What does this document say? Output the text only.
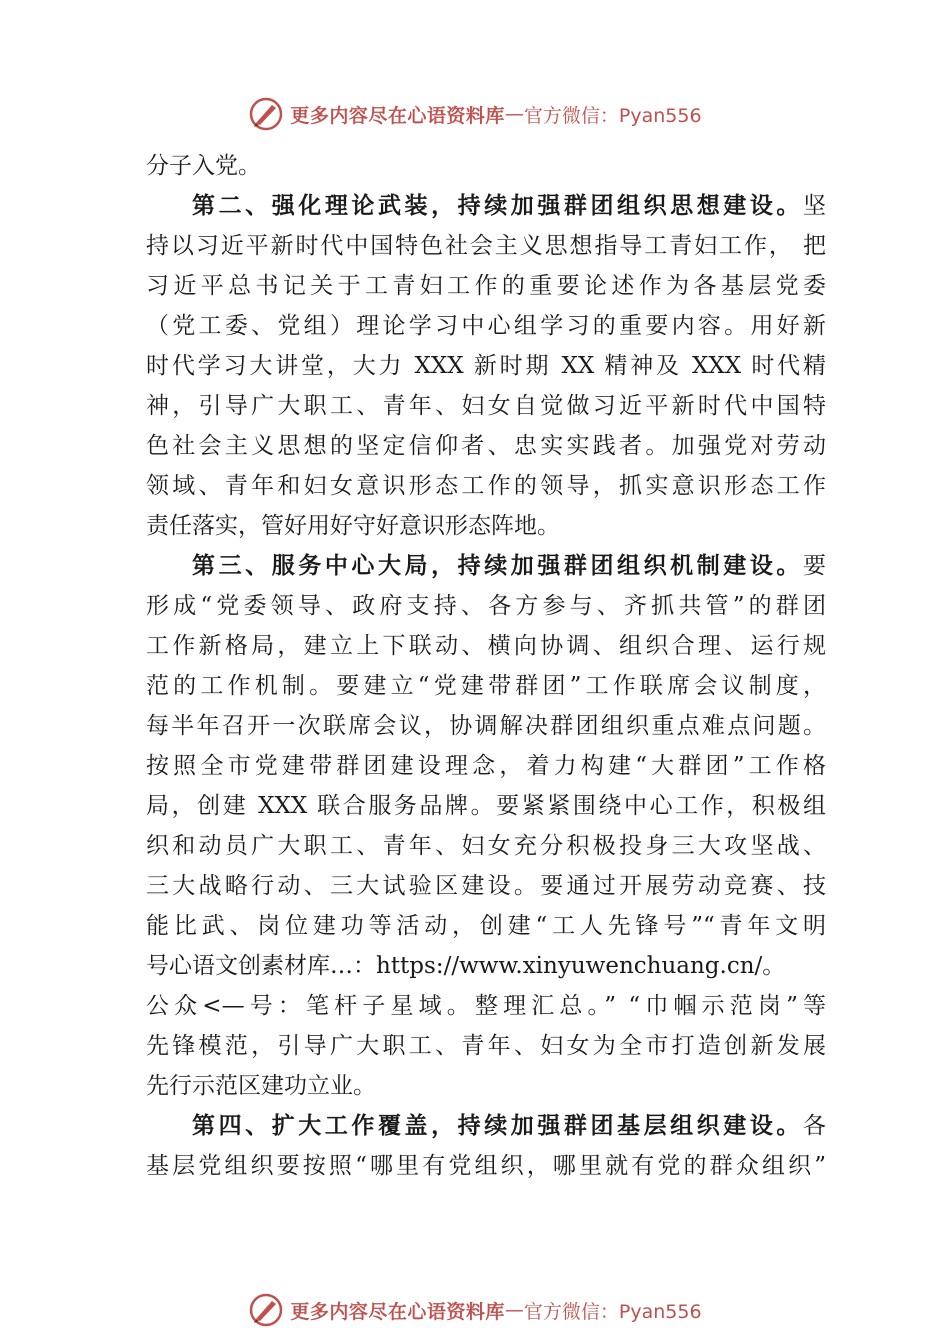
更多内容尽在心语资料库 — 官方微信：Pyan556
分子入党。
第二、强化理论武装，持续加强群团组织思想建设。坚
持以习近平新时代中国特色社会主义思想指导工青妇工作， 把
习近平总书记关于工青妇工作的重要论述作为各基层党委
（党工委、党组）理论学习中心组学习的重要内容。用好新
时代学习大讲堂，大力 XXX 新时期 XX 精神及 XXX 时代精
神，引导广大职工、青年、妇女自觉做习近平新时代中国特
色社会主义思想的坚定信仰者、忠实实践者。加强党对劳动
领域、青年和妇女意识形态工作的领导，抓实意识形态工作
责任落实，管好用好守好意识形态阵地。
第三、服务中心大局，持续加强群团组织机制建设。要
形成“党委领导、政府支持、各方参与、齐抓共管”的群团
工作新格局，建立上下联动、横向协调、组织合理、运行规
范的工作机制。要建立“党建带群团”工作联席会议制度，
每半年召开一次联席会议，协调解决群团组织重点难点问题。
按照全市党建带群团建设理念，着力构建“大群团”工作格
局，创建 XXX 联合服务品牌。要紧紧围绕中心工作，积极组
织和动员广大职工、青年、妇女充分积极投身三大攻坚战、
三大战略行动、三大试验区建设。要通过开展劳动竞赛、技
能比武、岗位建功等活动，创建“工人先锋号”“青年文明
号心语文创素材库…：https://www.xinyuwenchuang.cn/。
公众<—号：笔杆子星域。整理汇总。” “巾帼示范岗”等
先锋模范，引导广大职工、青年、妇女为全市打造创新发展
先行示范区建功立业。
第四、扩大工作覆盖，持续加强群团基层组织建设。各
基层党组织要按照“哪里有党组织，哪里就有党的群众组织”
更多内容尽在心语资料库 — 官方微信：Pyan556
